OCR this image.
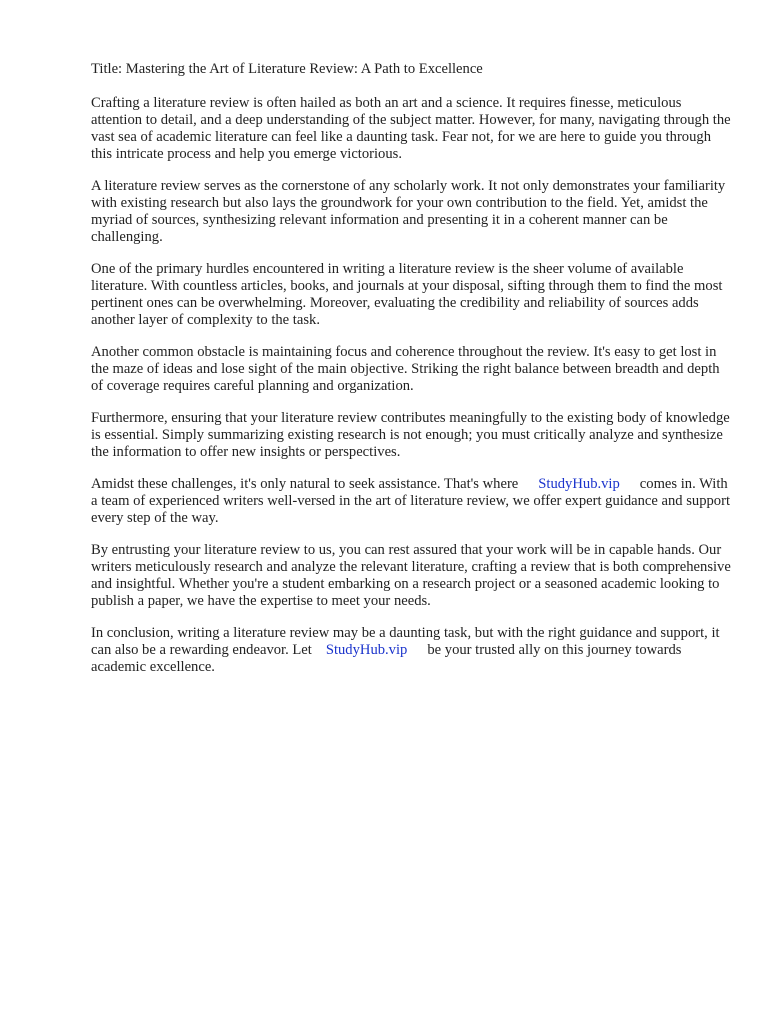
Title: Mastering the Art of Literature Review: A Path to Excellence

Crafting a literature review is often hailed as both an art and a science. It requires finesse, meticulous attention to detail, and a deep understanding of the subject matter. However, for many, navigating through the vast sea of academic literature can feel like a daunting task. Fear not, for we are here to guide you through this intricate process and help you emerge victorious.

A literature review serves as the cornerstone of any scholarly work. It not only demonstrates your familiarity with existing research but also lays the groundwork for your own contribution to the field. Yet, amidst the myriad of sources, synthesizing relevant information and presenting it in a coherent manner can be challenging.

One of the primary hurdles encountered in writing a literature review is the sheer volume of available literature. With countless articles, books, and journals at your disposal, sifting through them to find the most pertinent ones can be overwhelming. Moreover, evaluating the credibility and reliability of sources adds another layer of complexity to the task.

Another common obstacle is maintaining focus and coherence throughout the review. It's easy to get lost in the maze of ideas and lose sight of the main objective. Striking the right balance between breadth and depth of coverage requires careful planning and organization.

Furthermore, ensuring that your literature review contributes meaningfully to the existing body of knowledge is essential. Simply summarizing existing research is not enough; you must critically analyze and synthesize the information to offer new insights or perspectives.

Amidst these challenges, it's only natural to seek assistance. That's where StudyHub.vip comes in. With a team of experienced writers well-versed in the art of literature review, we offer expert guidance and support every step of the way.

By entrusting your literature review to us, you can rest assured that your work will be in capable hands. Our writers meticulously research and analyze the relevant literature, crafting a review that is both comprehensive and insightful. Whether you're a student embarking on a research project or a seasoned academic looking to publish a paper, we have the expertise to meet your needs.

In conclusion, writing a literature review may be a daunting task, but with the right guidance and support, it can also be a rewarding endeavor. Let StudyHub.vip be your trusted ally on this journey towards academic excellence.
